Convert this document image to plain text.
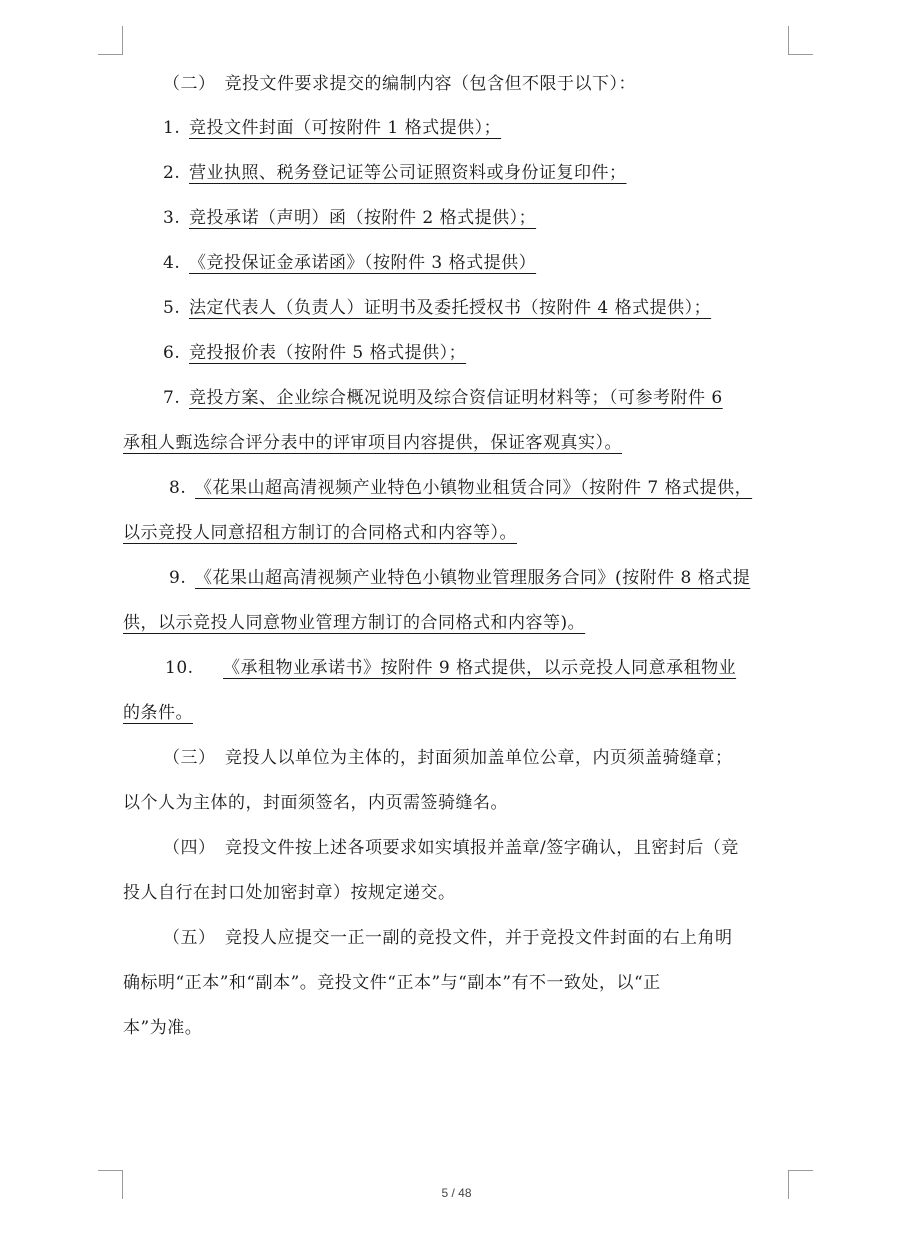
（二）　竞投文件要求提交的编制内容（包含但不限于以下）：
1. 竞投文件封面（可按附件 1 格式提供）；
2. 营业执照、税务登记证等公司证照资料或身份证复印件；
3. 竞投承诺（声明）函（按附件 2 格式提供）；
4. 《竞投保证金承诺函》（按附件 3 格式提供）
5. 法定代表人（负责人）证明书及委托授权书（按附件 4 格式提供）；
6. 竞投报价表（按附件 5 格式提供）；
7. 竞投方案、企业综合概况说明及综合资信证明材料等；（可参考附件 6
承租人甄选综合评分表中的评审项目内容提供，保证客观真实）。
8. 《花果山超高清视频产业特色小镇物业租赁合同》（按附件 7 格式提供，
以示竞投人同意招租方制订的合同格式和内容等）。
9. 《花果山超高清视频产业特色小镇物业管理服务合同》(按附件 8 格式提
供，以示竞投人同意物业管理方制订的合同格式和内容等)。
10. 《承租物业承诺书》按附件 9 格式提供，以示竞投人同意承租物业
的条件。
（三） 竞投人以单位为主体的，封面须加盖单位公章，内页须盖骑缝章；
以个人为主体的，封面须签名，内页需签骑缝名。
（四） 竞投文件按上述各项要求如实填报并盖章/签字确认，且密封后（竞
投人自行在封口处加密封章）按规定递交。
（五） 竞投人应提交一正一副的竞投文件，并于竞投文件封面的右上角明
确标明“正本”和“副本”。竞投文件“正本”与“副本”有不一致处，以“正
本”为准。
5 / 48
